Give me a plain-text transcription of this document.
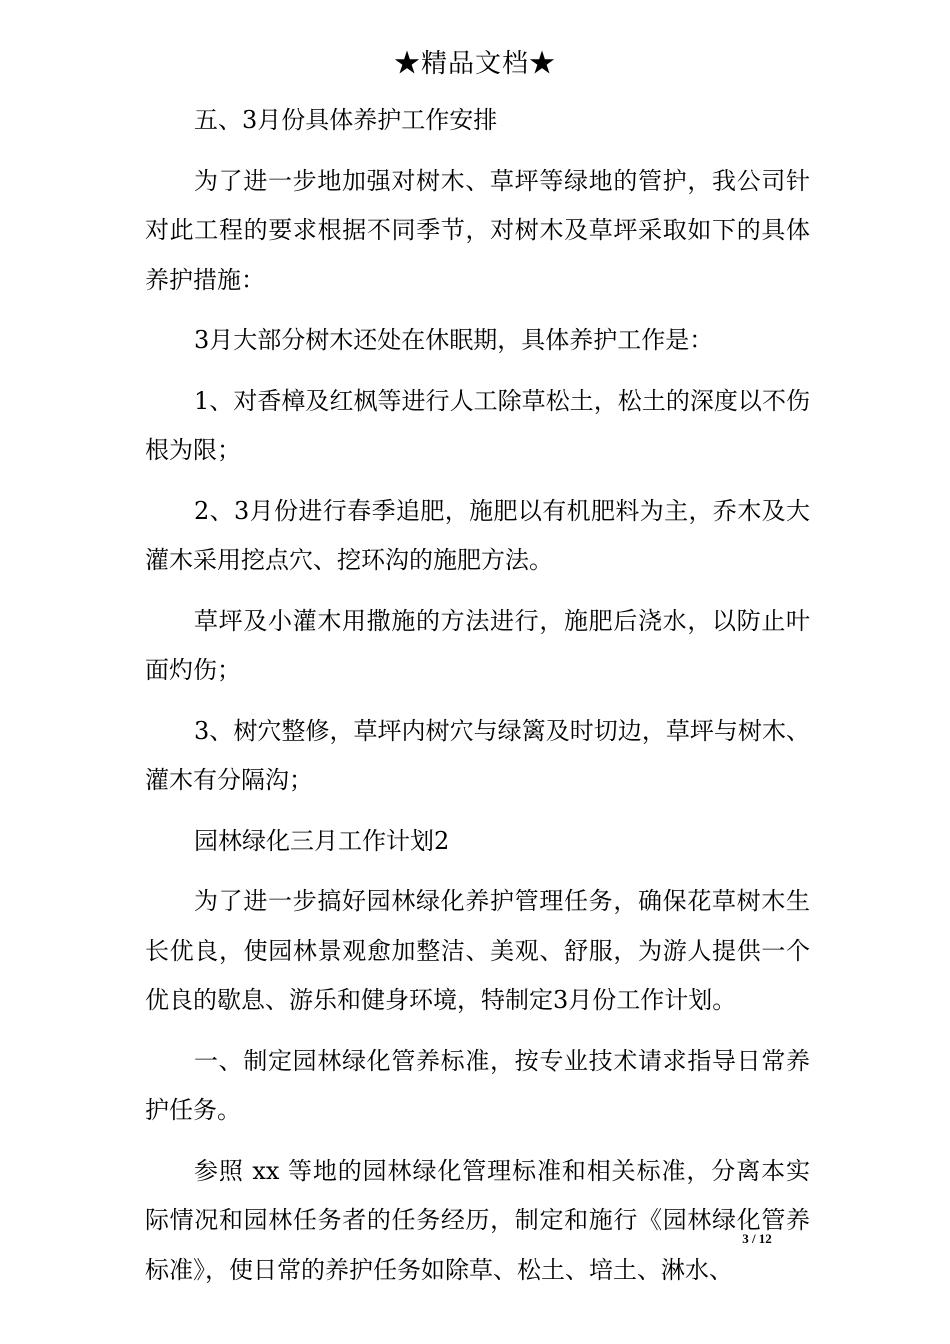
★精品文档★

五、3月份具体养护工作安排

为了进一步地加强对树木、草坪等绿地的管护，我公司针对此工程的要求根据不同季节，对树木及草坪采取如下的具体养护措施：

3月大部分树木还处在休眠期，具体养护工作是：

1、对香樟及红枫等进行人工除草松土，松土的深度以不伤根为限；

2、3月份进行春季追肥，施肥以有机肥料为主，乔木及大灌木采用挖点穴、挖环沟的施肥方法。

草坪及小灌木用撒施的方法进行，施肥后浇水，以防止叶面灼伤；

3、树穴整修，草坪内树穴与绿篱及时切边，草坪与树木、灌木有分隔沟；

园林绿化三月工作计划2

为了进一步搞好园林绿化养护管理任务，确保花草树木生长优良，使园林景观愈加整洁、美观、舒服，为游人提供一个优良的歇息、游乐和健身环境，特制定3月份工作计划。

一、制定园林绿化管养标准，按专业技术请求指导日常养护任务。

参照 xx 等地的园林绿化管理标准和相关标准，分离本实际情况和园林任务者的任务经历，制定和施行《园林绿化管养标准》，使日常的养护任务如除草、松土、培土、淋水、

3 / 12
